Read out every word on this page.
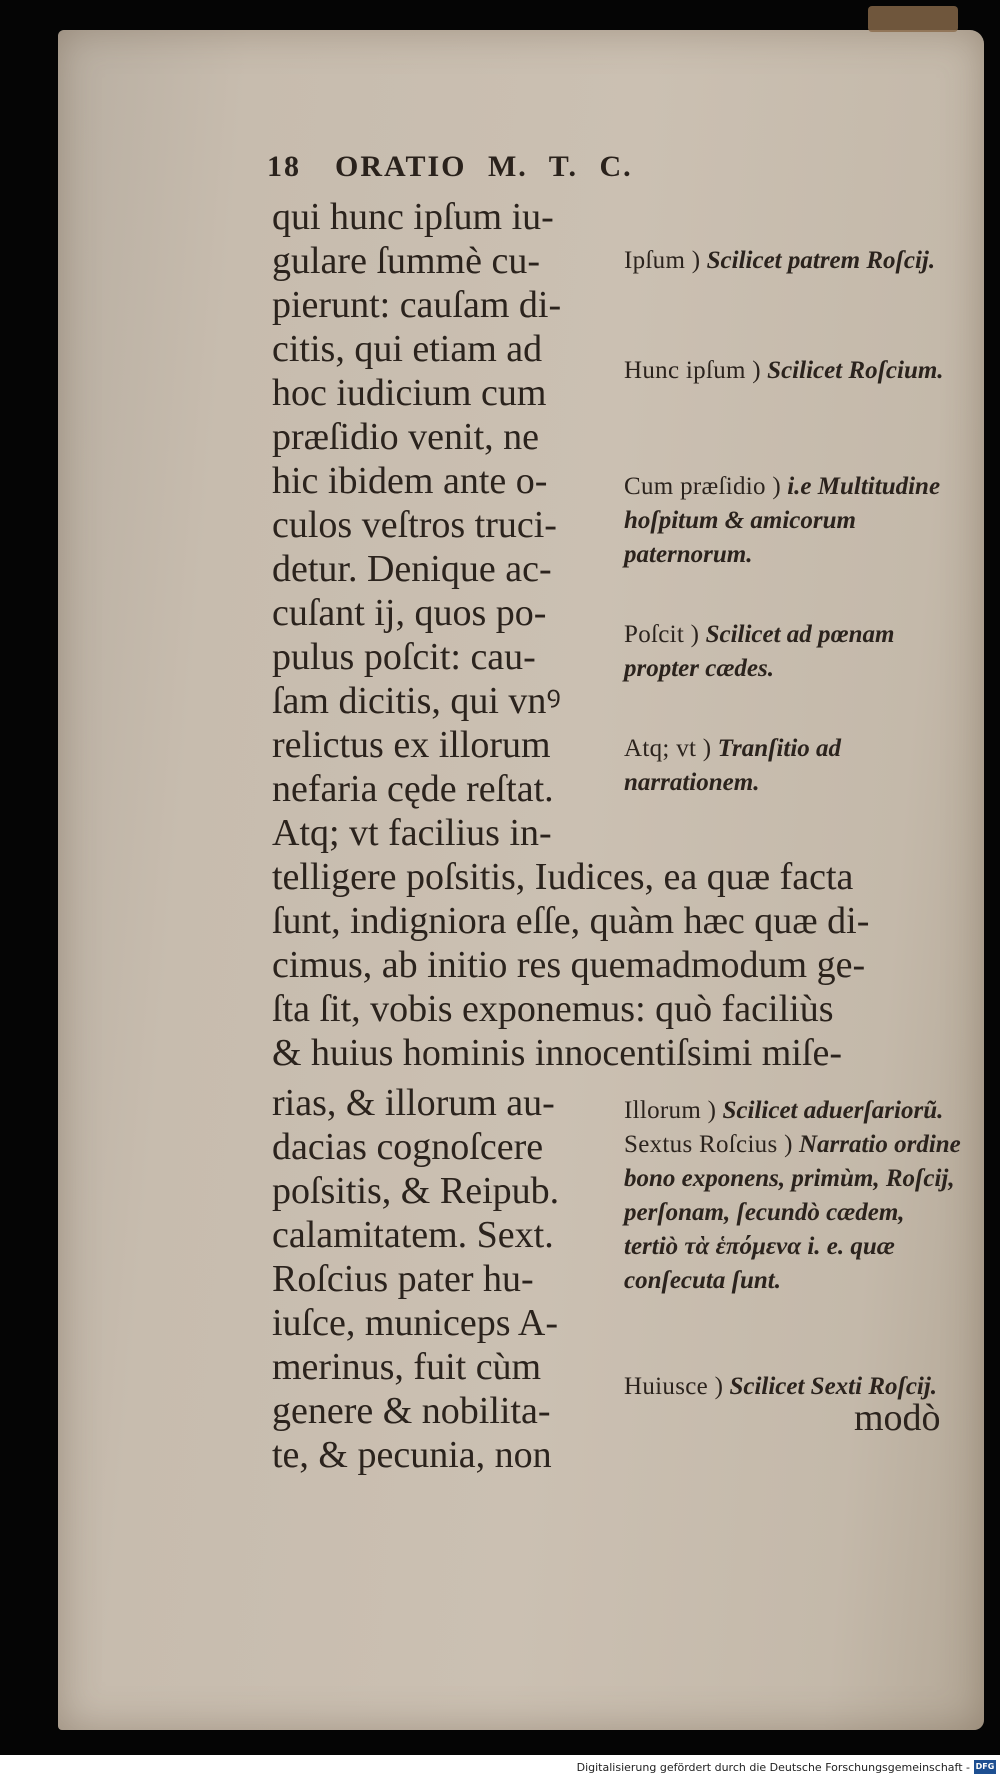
18 ORATIO M. T. C.
qui hunc ipſum iu-
gulare ſummè cu-
pierunt: cauſam di-
citis, qui etiam ad
hoc iudicium cum
præſidio venit, ne
hic ibidem ante o-
culos veſtros truci-
detur. Denique ac-
cuſant ij, quos po-
pulus poſcit: cau-
ſam dicitis, qui vnꝰ
relictus ex illorum
nefaria cęde reſtat.
Atq; vt facilius in-
telligere poſsitis, Iudices, ea quæ facta
ſunt, indigniora eſſe, quàm hæc quæ di-
cimus, ab initio res quemadmodum ge-
ſta ſit, vobis exponemus: quò faciliùs
& huius hominis innocentiſsimi miſe-
rias, & illorum au-
dacias cognoſcere
poſsitis, & Reipub.
calamitatem. Sext.
Roſcius pater hu-
iuſce, municeps A-
merinus, fuit cùm
genere & nobilita-
te, & pecunia, non
Ipſum ) Scilicet patrem Roſcij.
Hunc ipſum ) Scilicet Roſcium.
Cum præſidio ) i.e Multitudine hoſpitum & amicorum paternorum.
Poſcit ) Scilicet ad pœnam propter cædes.
Atq; vt ) Tranſitio ad narrationem.
Illorum ) Scilicet aduerſariorũ. Sextus Roſcius ) Narratio ordine bono exponens, primùm, Roſcij, perſonam, ſecundò cædem, tertiò τὰ ἑπόμενα i. e. quæ conſecuta ſunt.
Huiusce ) Scilicet Sexti Roſcij.
modò
Digitalisierung gefördert durch die Deutsche Forschungsgemeinschaft - DFG
